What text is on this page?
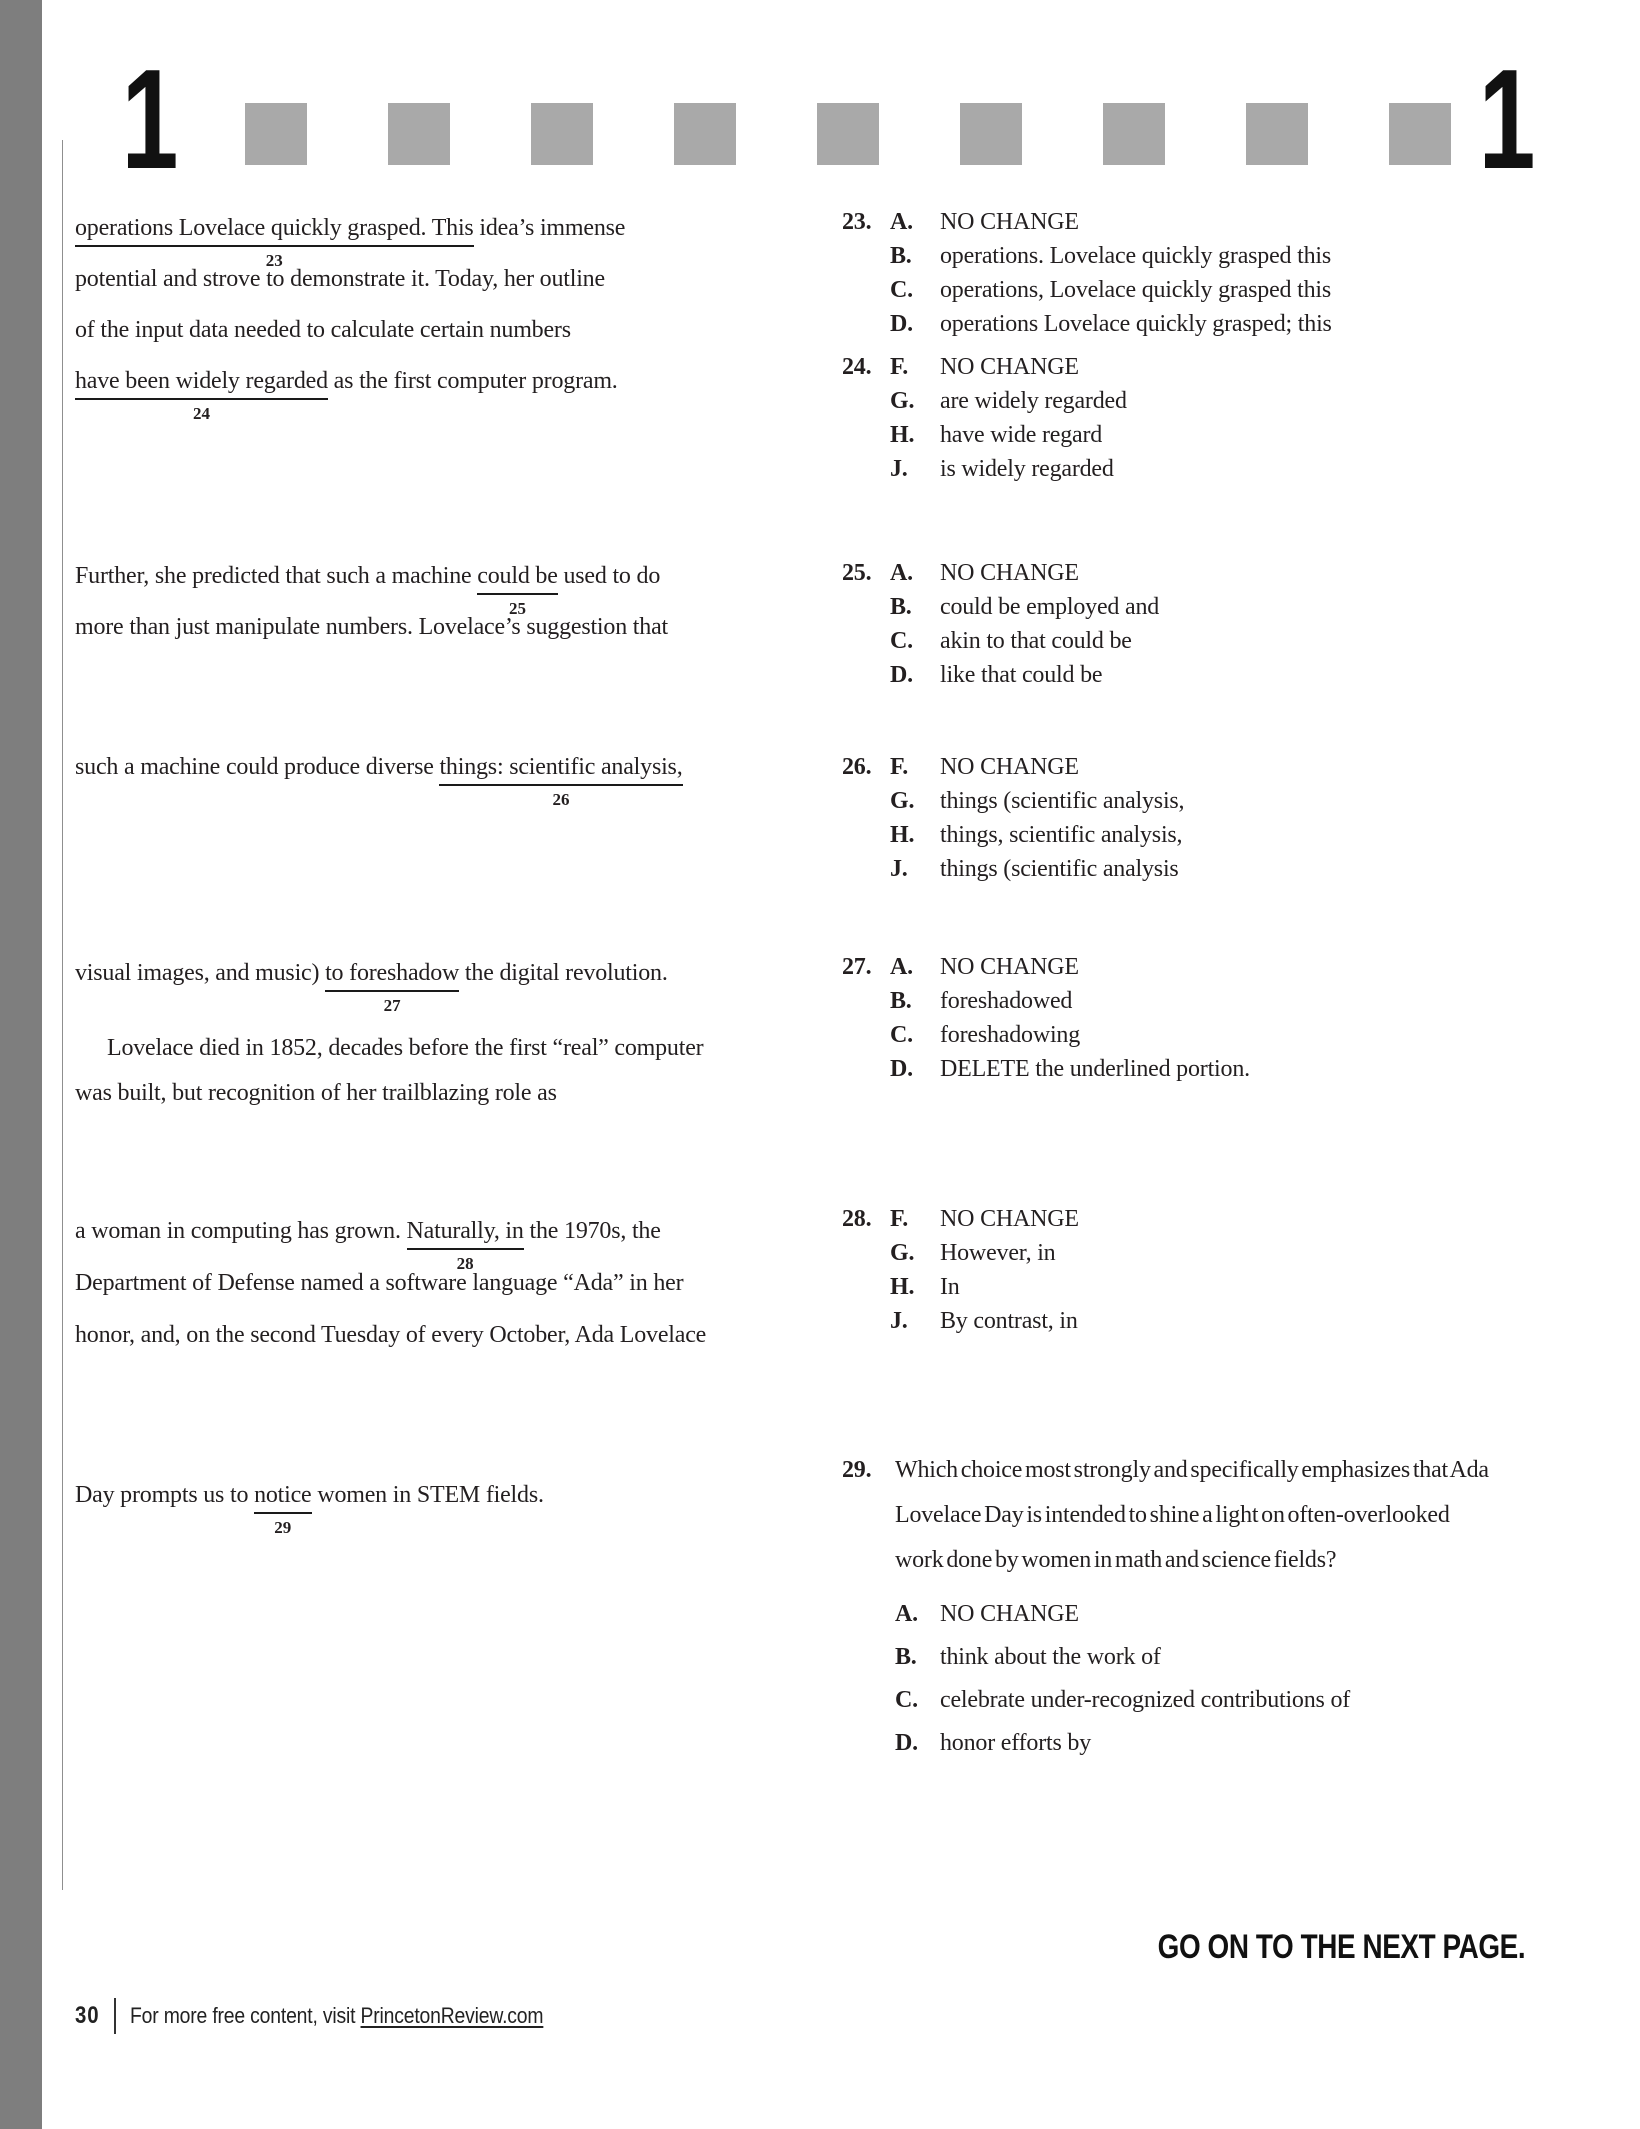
1	1
operations Lovelace quickly grasped. This
23
idea’s immense
potential and strove to demonstrate it. Today, her outline
of the input data needed to calculate certain numbers
have been widely regarded
24
as the first computer program.
Further, she predicted that such a machine could be
25
used to do
more than just manipulate numbers. Lovelace’s suggestion that
such a machine could produce diverse things: scientific analysis,
26
visual images, and music) to foreshadow
27
the digital revolution.
Lovelace died in 1852, decades before the first “real” computer
was built, but recognition of her trailblazing role as
a woman in computing has grown. Naturally, in
28
the 1970s, the
Department of Defense named a software language “Ada” in her
honor, and, on the second Tuesday of every October, Ada Lovelace
Day prompts us to notice
29
women in STEM fields.
23. A.	NO CHANGE
B.	operations. Lovelace quickly grasped this
C.	operations, Lovelace quickly grasped this
D.	operations Lovelace quickly grasped; this
24. F.	NO CHANGE
G.	are widely regarded
H.	have wide regard
J.	is widely regarded
25. A.	NO CHANGE
B.	could be employed and
C.	akin to that could be
D.	like that could be
26. F.	NO CHANGE
G.	things (scientific analysis,
H.	things, scientific analysis,
J.	things (scientific analysis
27. A.	NO CHANGE
B.	foreshadowed
C.	foreshadowing
D.	DELETE the underlined portion.
28. F.	NO CHANGE
G.	However, in
H.	In
J.	By contrast, in
29. Which choice most strongly and specifically emphasizes that Ada
Lovelace Day is intended to shine a light on often-overlooked
work done by women in math and science fields?
A. NO CHANGE
B. think about the work of
C. celebrate under-recognized contributions of
D. honor efforts by
GO ON TO THE NEXT PAGE.
30 For more free content, visit PrincetonReview.com
